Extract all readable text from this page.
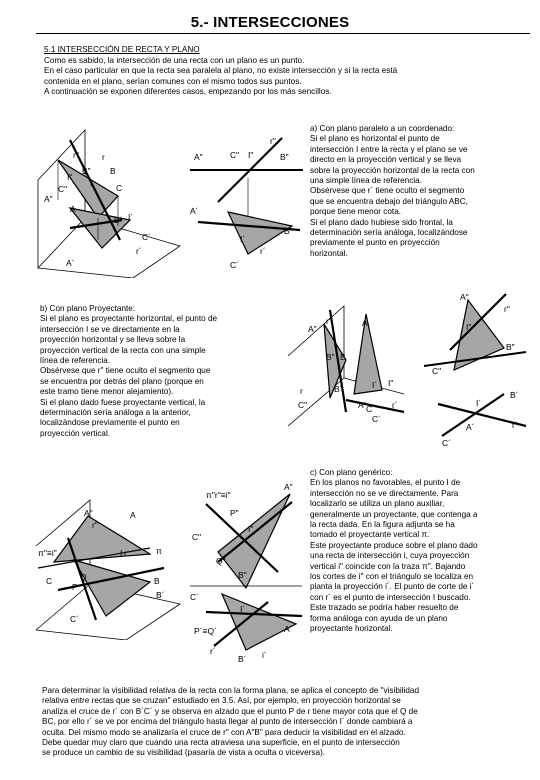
5.- INTERSECCIONES
5.1 INTERSECCIÓN DE RECTA Y PLANO

Como es sabido, la intersección de una recta con un plano es un punto.

En el caso particular en que la recta sea paralela al plano, no existe intersección y si la recta está

contenida en el plano, serían comunes con el mismo todos sus puntos.

A continuación se exponen diferentes casos, empezando por los más sencillos.

a) Con plano paralelo a un coordenado:

Si el plano es horizontal el punto de

intersección I entre la recta y el plano se ve

directo en la proyección vertical y se lleva

sobre la proyección horizontal de la recta con

una simple línea de referencia.

Obsérvese que r´ tiene oculto el segmento

que se encuentra debajo del triángulo ABC,

porque tiene menor cota.

Si el plano dado hubiese sido frontal, la

determinación sería análoga, localizándose

previamente el punto en proyección

horizontal.

b) Con plano Proyectante:

Si el plano es proyectante horizontal, el punto de

intersección I se ve directamente en la

proyección horizontal y se lleva sobre la

proyección vertical de la recta con una simple

línea de referencia.

Obsérvese que r" tiene oculto el segmento que

se encuentra por detrás del plano (porque en

este tramo tiene menor alejamiento).

Si el plano dado fuese proyectante vertical, la

determinación sería análoga a la anterior,

localizándose previamente el punto en

proyección vertical.

c) Con plano genérico:

En los planos no favorables, el punto I de

intersección no se ve directamente. Para

localizarlo se utiliza un plano auxiliar,

generalmente un proyectante, que contenga a

la recta dada. En la figura adjunta se ha

tomado el proyectante vertical π.

Este proyectante produce sobre el plano dado

una recta de intersección i, cuya proyección

vertical i" coincide con la traza π". Bajando

los cortes de i" con el triángulo se localiza en

planta la proyección i´. El punto de corte de i´

con r´ es el punto de intersección I buscado.

Este trazado se podría haber resuelto de

forma análoga con ayuda de un plano

proyectante horizontal.

Para determinar la visibilidad relativa de la recta con la forma plana, se aplica el concepto de "visibilidad

relativa entre rectas que se cruzan" estudiado en 3.5. Así, por ejemplo, en proyección horizontal se

analiza el cruce de r´ con B´C´ y se observa en alzado que el punto P de r tiene mayor cota que el Q de

BC, por ello r´ se ve por encima del triángulo hasta llegar al punto de intersección I´ donde cambiará a

oculta. Del mismo modo se analizaría el cruce de r" con A"B" para deducir la visibilidad en el alzado.

Debe quedar muy claro que cuando una recta atraviesa una superficie, en el punto de intersección

se produce un cambio de su visibilidad (pasaría de vista a oculta o viceversa).

r"	r
I"
B" B
A"
A
C"	C
I
B´ I´
C´
A´
r´
A"	C" I"	B"
r"
A´
B´
I´
C´
r´
A"
r"	A
B" B
I
C"	C
r
I"
B´
A´
C´
r´
I´
A"
r"
I"
B"
C"
B´
I´
A´
C´
r´
A"	A
π"≡i"	I
P
Q	B
C
B´
C´
r	π
r"
π"r"≡i"
A"
P"
I"
C"
Q"
B"
C´
I´
P´≡Q´	A´
r´
B´ i´
